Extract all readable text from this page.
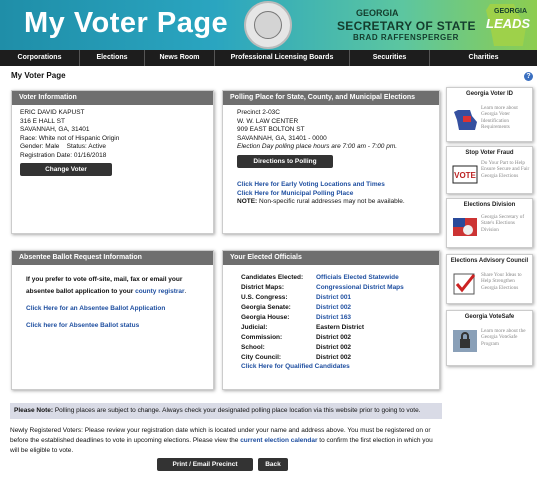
My Voter Page	GEORGIA
SECRETARY OF STATE
BRAD RAFFENSPERGER
GEORGIA
LEADS
Corporations	Elections	News Room	Professional Licensing Boards	Securities	Charities
My Voter Page	?
Voter Information
ERIC DAVID KAPUST
316 E HALL ST
SAVANNAH, GA, 31401
Race: White not of Hispanic Origin
Gender: Male    Status: Active
Registration Date: 01/16/2018
Change Voter Information
Polling Place for State, County, and Municipal Elections
Precinct 2-03C
W. W. LAW CENTER
909 EAST BOLTON ST
SAVANNAH, GA, 31401 - 0000
Election Day polling place hours are 7:00 am - 7:00 pm.
Directions to Polling Place
Click Here for Early Voting Locations and Times
Click Here for Municipal Polling Place
NOTE: Non-specific rural addresses may not be available.
Absentee Ballot Request Information
If you prefer to vote off-site, mail, fax or email your
absentee ballot application to your county registrar.
Click Here for an Absentee Ballot Application
Click here for Absentee Ballot status
Your Elected Officials
Candidates Elected:	Officials Elected Statewide
District Maps:	Congressional District Maps
U.S. Congress:	District 001
Georgia Senate:	District 002
Georgia House:	District 163
Judicial:	Eastern District
Commission:	District 002
School:	District 002
City Council:	District 002
Click Here for Qualified Candidates
Georgia Voter ID
Learn more about Georgia Voter Identification Requirements
Stop Voter Fraud
VOTE
Do Your Part to Help Ensure Secure and Fair Georgia Elections
Elections Division
Georgia Secretary of State's Elections Division
Elections Advisory Council
Share Your Ideas to Help Strengthen Georgia Elections
Georgia VoteSafe
Learn more about the Georgia VoteSafe Program
Please Note: Polling places are subject to change. Always check your designated polling place location via this website prior to going to vote.
Newly Registered Voters: Please review your registration date which is located under your name and address above. You must be registered on or before the established deadlines to vote in upcoming elections. Please view the current election calendar to confirm the first election in which you will be eligible to vote.
Print / Email Precinct Card
Back
